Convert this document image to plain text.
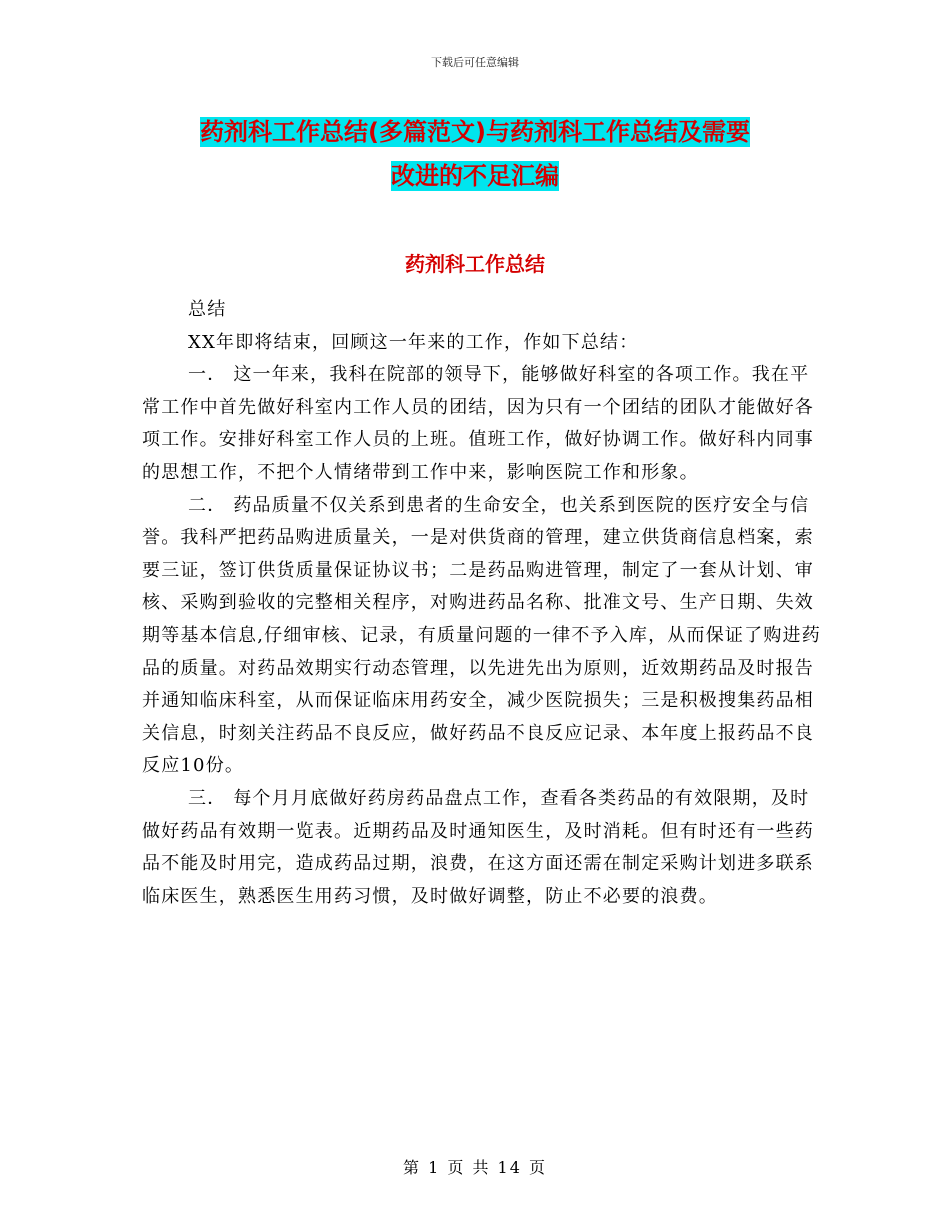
下载后可任意编辑
药剂科工作总结(多篇范文)与药剂科工作总结及需要
改进的不足汇编
药剂科工作总结

总结

XX年即将结束，回顾这一年来的工作，作如下总结：

一． 这一年来，我科在院部的领导下，能够做好科室的各项工作。我在平常工作中首先做好科室内工作人员的团结，因为只有一个团结的团队才能做好各项工作。安排好科室工作人员的上班。值班工作，做好协调工作。做好科内同事的思想工作，不把个人情绪带到工作中来，影响医院工作和形象。

二． 药品质量不仅关系到患者的生命安全，也关系到医院的医疗安全与信誉。我科严把药品购进质量关，一是对供货商的管理，建立供货商信息档案，索要三证，签订供货质量保证协议书；二是药品购进管理，制定了一套从计划、审核、采购到验收的完整相关程序，对购进药品名称、批准文号、生产日期、失效期等基本信息,仔细审核、记录，有质量问题的一律不予入库，从而保证了购进药品的质量。对药品效期实行动态管理，以先进先出为原则，近效期药品及时报告并通知临床科室，从而保证临床用药安全，减少医院损失；三是积极搜集药品相关信息，时刻关注药品不良反应，做好药品不良反应记录、本年度上报药品不良反应10份。

三． 每个月月底做好药房药品盘点工作，查看各类药品的有效限期，及时做好药品有效期一览表。近期药品及时通知医生，及时消耗。但有时还有一些药品不能及时用完，造成药品过期，浪费，在这方面还需在制定采购计划进多联系临床医生，熟悉医生用药习惯，及时做好调整，防止不必要的浪费。

第 1 页 共 14 页
